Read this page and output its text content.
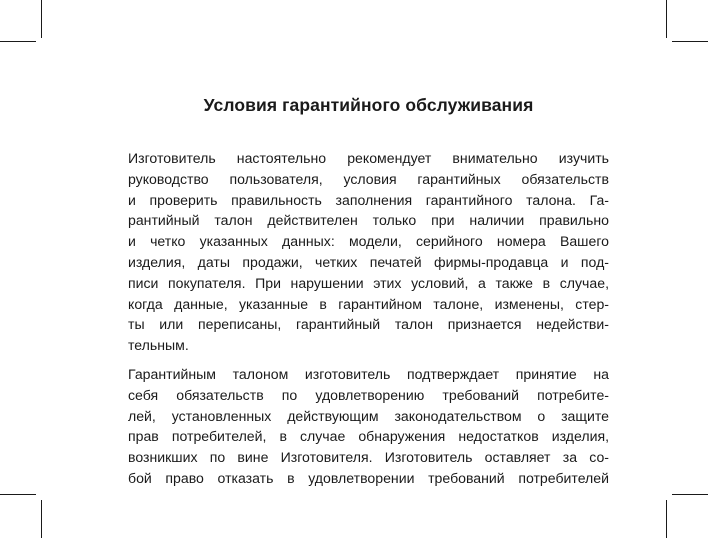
Условия гарантийного обслуживания
Изготовитель настоятельно рекомендует внимательно изучить
руководство пользователя, условия гарантийных обязательств
и проверить правильность заполнения гарантийного талона. Га-
рантийный талон действителен только при наличии правильно
и четко указанных данных: модели, серийного номера Вашего
изделия, даты продажи, четких печатей фирмы-продавца и под-
писи покупателя. При нарушении этих условий, а также в случае,
когда данные, указанные в гарантийном талоне, изменены, стер-
ты или переписаны, гарантийный талон признается недействи-
тельным.
Гарантийным талоном изготовитель подтверждает принятие на
себя обязательств по удовлетворению требований потребите-
лей, установленных действующим законодательством о защите
прав потребителей, в случае обнаружения недостатков изделия,
возникших по вине Изготовителя. Изготовитель оставляет за со-
бой право отказать в удовлетворении требований потребителей
